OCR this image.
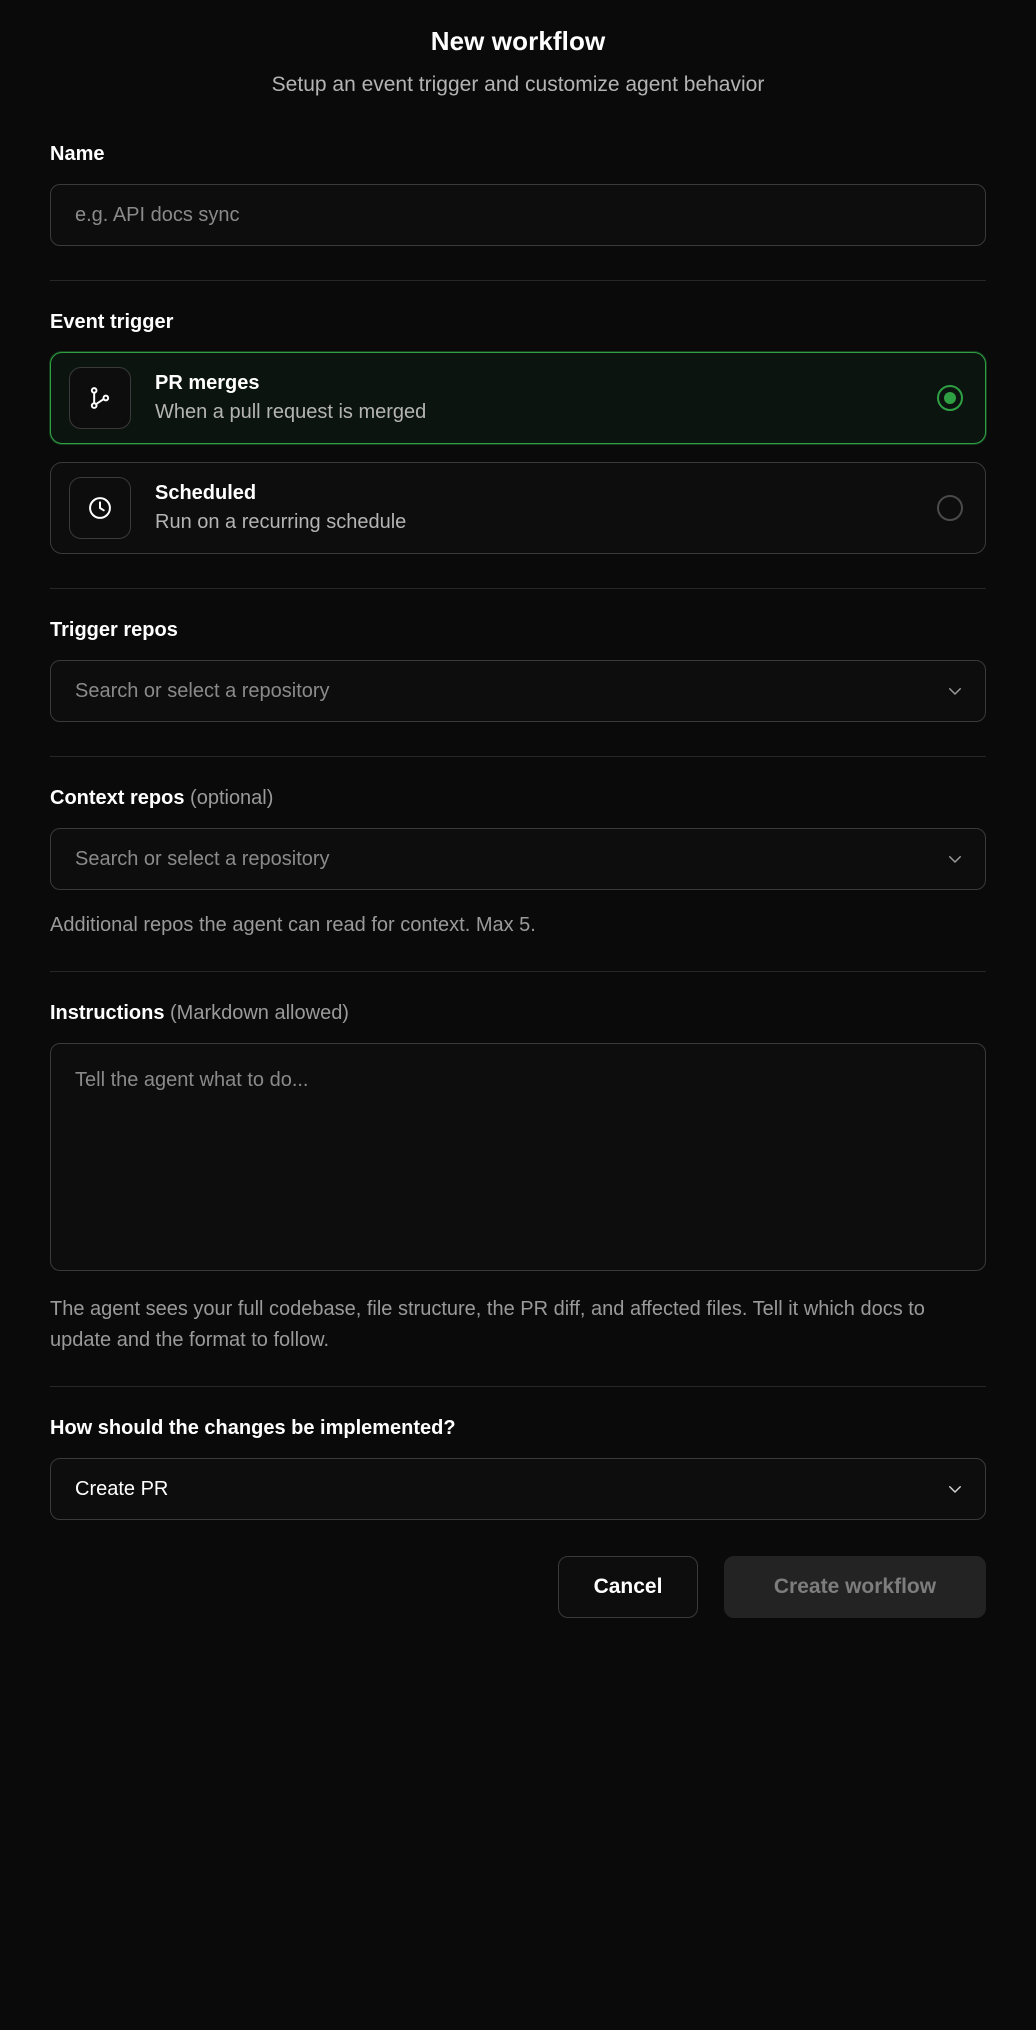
New workflow
Setup an event trigger and customize agent behavior
Name
e.g. API docs sync
Event trigger
PR merges
When a pull request is merged
Scheduled
Run on a recurring schedule
Trigger repos
Search or select a repository
Context repos (optional)
Search or select a repository
Additional repos the agent can read for context. Max 5.
Instructions (Markdown allowed)
Tell the agent what to do...
The agent sees your full codebase, file structure, the PR diff, and affected files. Tell it which docs to update and the format to follow.
How should the changes be implemented?
Create PR
Cancel	Create workflow
